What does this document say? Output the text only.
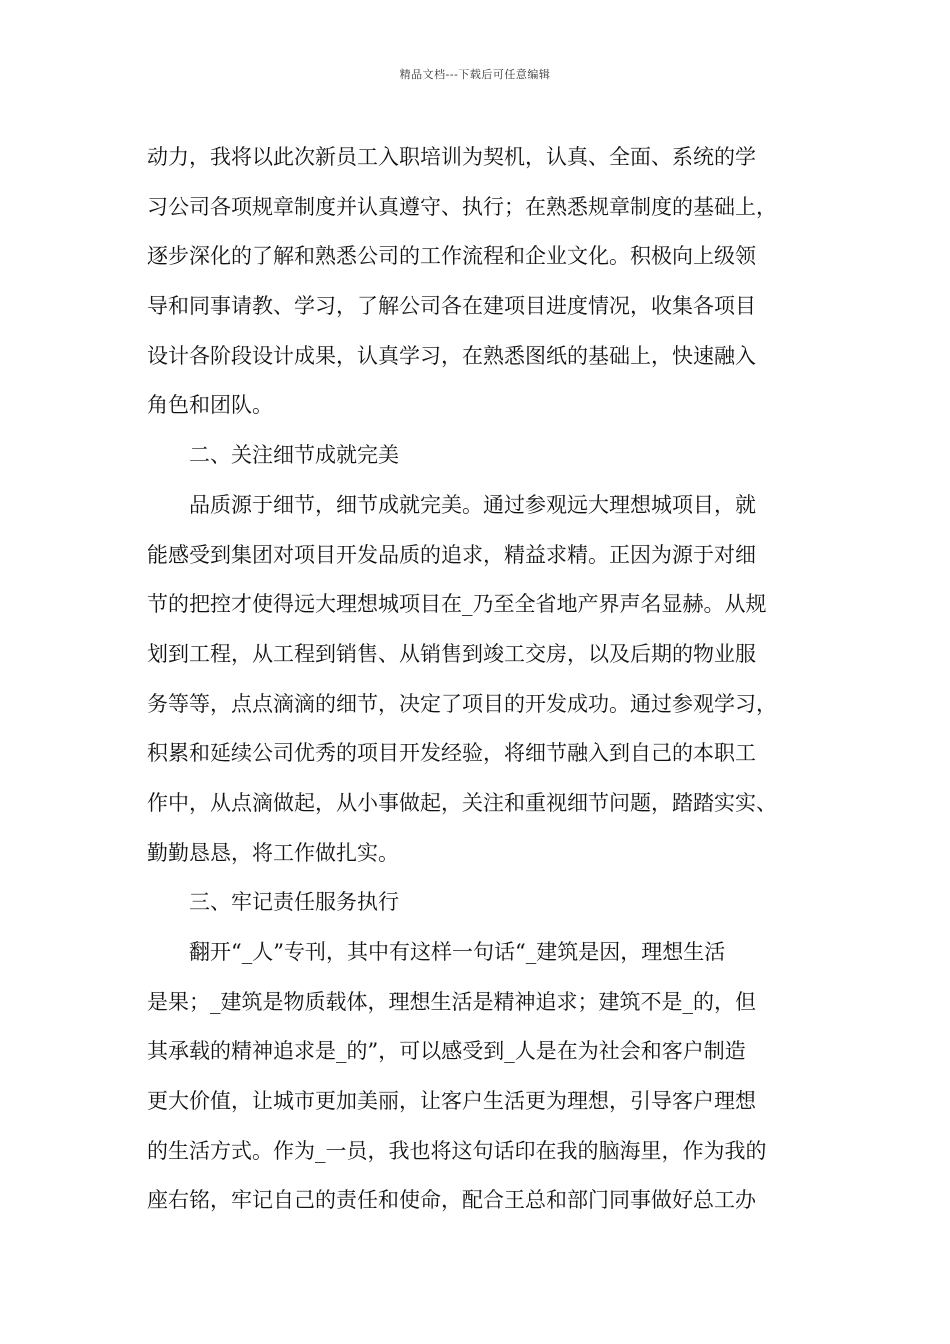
精品文档---下载后可任意编辑
动力，我将以此次新员工入职培训为契机，认真、全面、系统的学
习公司各项规章制度并认真遵守、执行；在熟悉规章制度的基础上，
逐步深化的了解和熟悉公司的工作流程和企业文化。积极向上级领
导和同事请教、学习，了解公司各在建项目进度情况，收集各项目
设计各阶段设计成果，认真学习，在熟悉图纸的基础上，快速融入
角色和团队。
二、关注细节成就完美
品质源于细节，细节成就完美。通过参观远大理想城项目，就
能感受到集团对项目开发品质的追求，精益求精。正因为源于对细
节的把控才使得远大理想城项目在_乃至全省地产界声名显赫。从规
划到工程，从工程到销售、从销售到竣工交房，以及后期的物业服
务等等，点点滴滴的细节，决定了项目的开发成功。通过参观学习，
积累和延续公司优秀的项目开发经验，将细节融入到自己的本职工
作中，从点滴做起，从小事做起，关注和重视细节问题，踏踏实实、
勤勤恳恳，将工作做扎实。
三、牢记责任服务执行
翻开“_人”专刊，其中有这样一句话“_建筑是因，理想生活
是果；_建筑是物质载体，理想生活是精神追求；建筑不是_的，但
其承载的精神追求是_的”，可以感受到_人是在为社会和客户制造
更大价值，让城市更加美丽，让客户生活更为理想，引导客户理想
的生活方式。作为_一员，我也将这句话印在我的脑海里，作为我的
座右铭，牢记自己的责任和使命，配合王总和部门同事做好总工办
